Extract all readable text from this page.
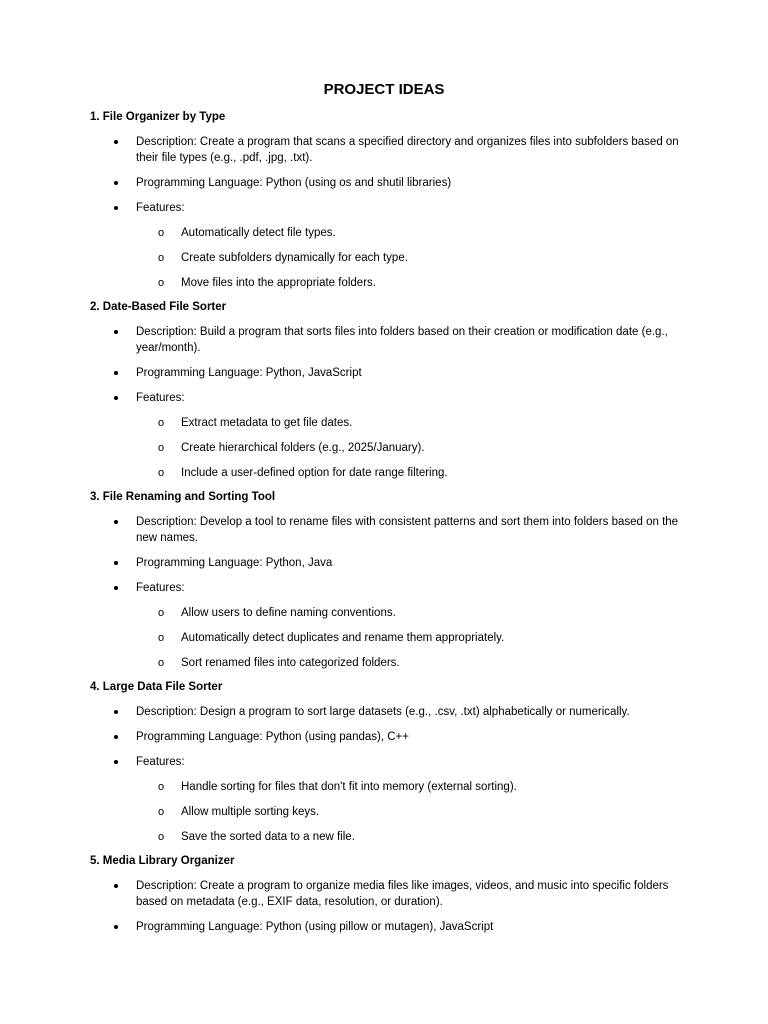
PROJECT IDEAS
1. File Organizer by Type
Description: Create a program that scans a specified directory and organizes files into subfolders based on their file types (e.g., .pdf, .jpg, .txt).
Programming Language: Python (using os and shutil libraries)
Features:
o Automatically detect file types.
o Create subfolders dynamically for each type.
o Move files into the appropriate folders.
2. Date-Based File Sorter
Description: Build a program that sorts files into folders based on their creation or modification date (e.g., year/month).
Programming Language: Python, JavaScript
Features:
o Extract metadata to get file dates.
o Create hierarchical folders (e.g., 2025/January).
o Include a user-defined option for date range filtering.
3. File Renaming and Sorting Tool
Description: Develop a tool to rename files with consistent patterns and sort them into folders based on the new names.
Programming Language: Python, Java
Features:
o Allow users to define naming conventions.
o Automatically detect duplicates and rename them appropriately.
o Sort renamed files into categorized folders.
4. Large Data File Sorter
Description: Design a program to sort large datasets (e.g., .csv, .txt) alphabetically or numerically.
Programming Language: Python (using pandas), C++
Features:
o Handle sorting for files that don't fit into memory (external sorting).
o Allow multiple sorting keys.
o Save the sorted data to a new file.
5. Media Library Organizer
Description: Create a program to organize media files like images, videos, and music into specific folders based on metadata (e.g., EXIF data, resolution, or duration).
Programming Language: Python (using pillow or mutagen), JavaScript
